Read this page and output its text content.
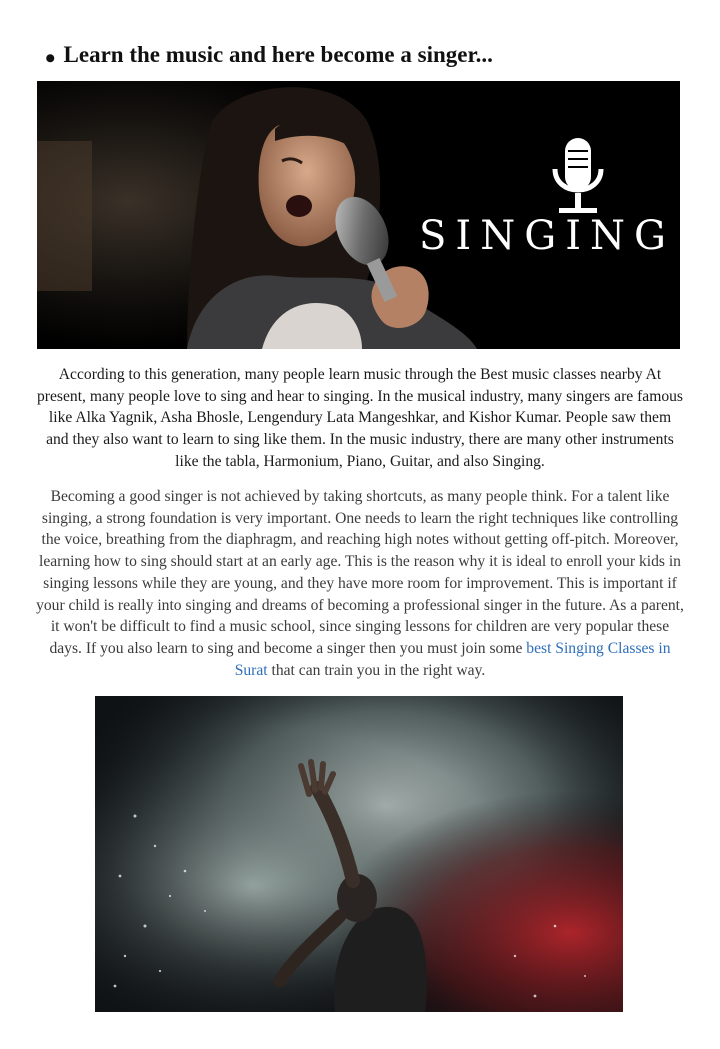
• Learn the music and here become a singer...
SINGING

According to this generation, many people learn music through the Best music classes nearby At present, many people love to sing and hear to singing. In the musical industry, many singers are famous like Alka Yagnik, Asha Bhosle, Lengendury Lata Mangeshkar, and Kishor Kumar. People saw them and they also want to learn to sing like them. In the music industry, there are many other instruments like the tabla, Harmonium, Piano, Guitar, and also Singing.

Becoming a good singer is not achieved by taking shortcuts, as many people think. For a talent like singing, a strong foundation is very important. One needs to learn the right techniques like controlling the voice, breathing from the diaphragm, and reaching high notes without getting off-pitch. Moreover, learning how to sing should start at an early age. This is the reason why it is ideal to enroll your kids in singing lessons while they are young, and they have more room for improvement. This is important if your child is really into singing and dreams of becoming a professional singer in the future. As a parent, it won't be difficult to find a music school, since singing lessons for children are very popular these days. If you also learn to sing and become a singer then you must join some best Singing Classes in Surat that can train you in the right way.
